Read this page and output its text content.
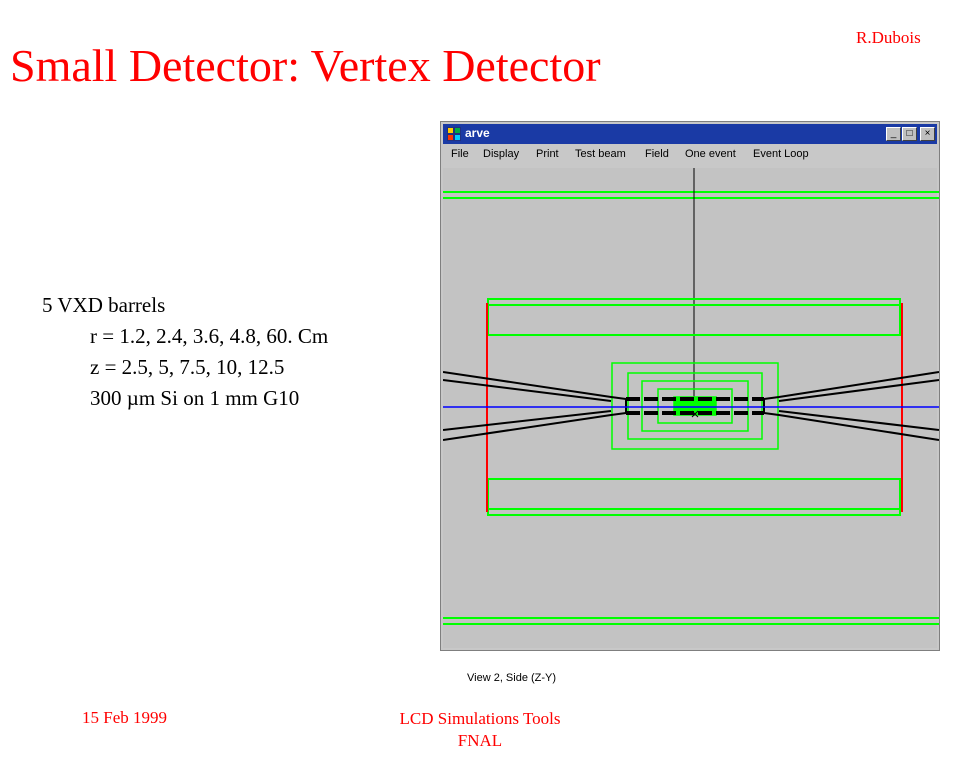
R.Dubois
Small Detector: Vertex Detector
5 VXD barrels
r = 1.2, 2.4, 3.6, 4.8, 60. Cm
z = 2.5, 5, 7.5, 10, 12.5
300 µm Si on 1 mm G10
arve	_	□	×
File Display Print Test beam Field One event Event Loop
View 2, Side (Z-Y)
15 Feb 1999	LCD Simulations Tools
FNAL
